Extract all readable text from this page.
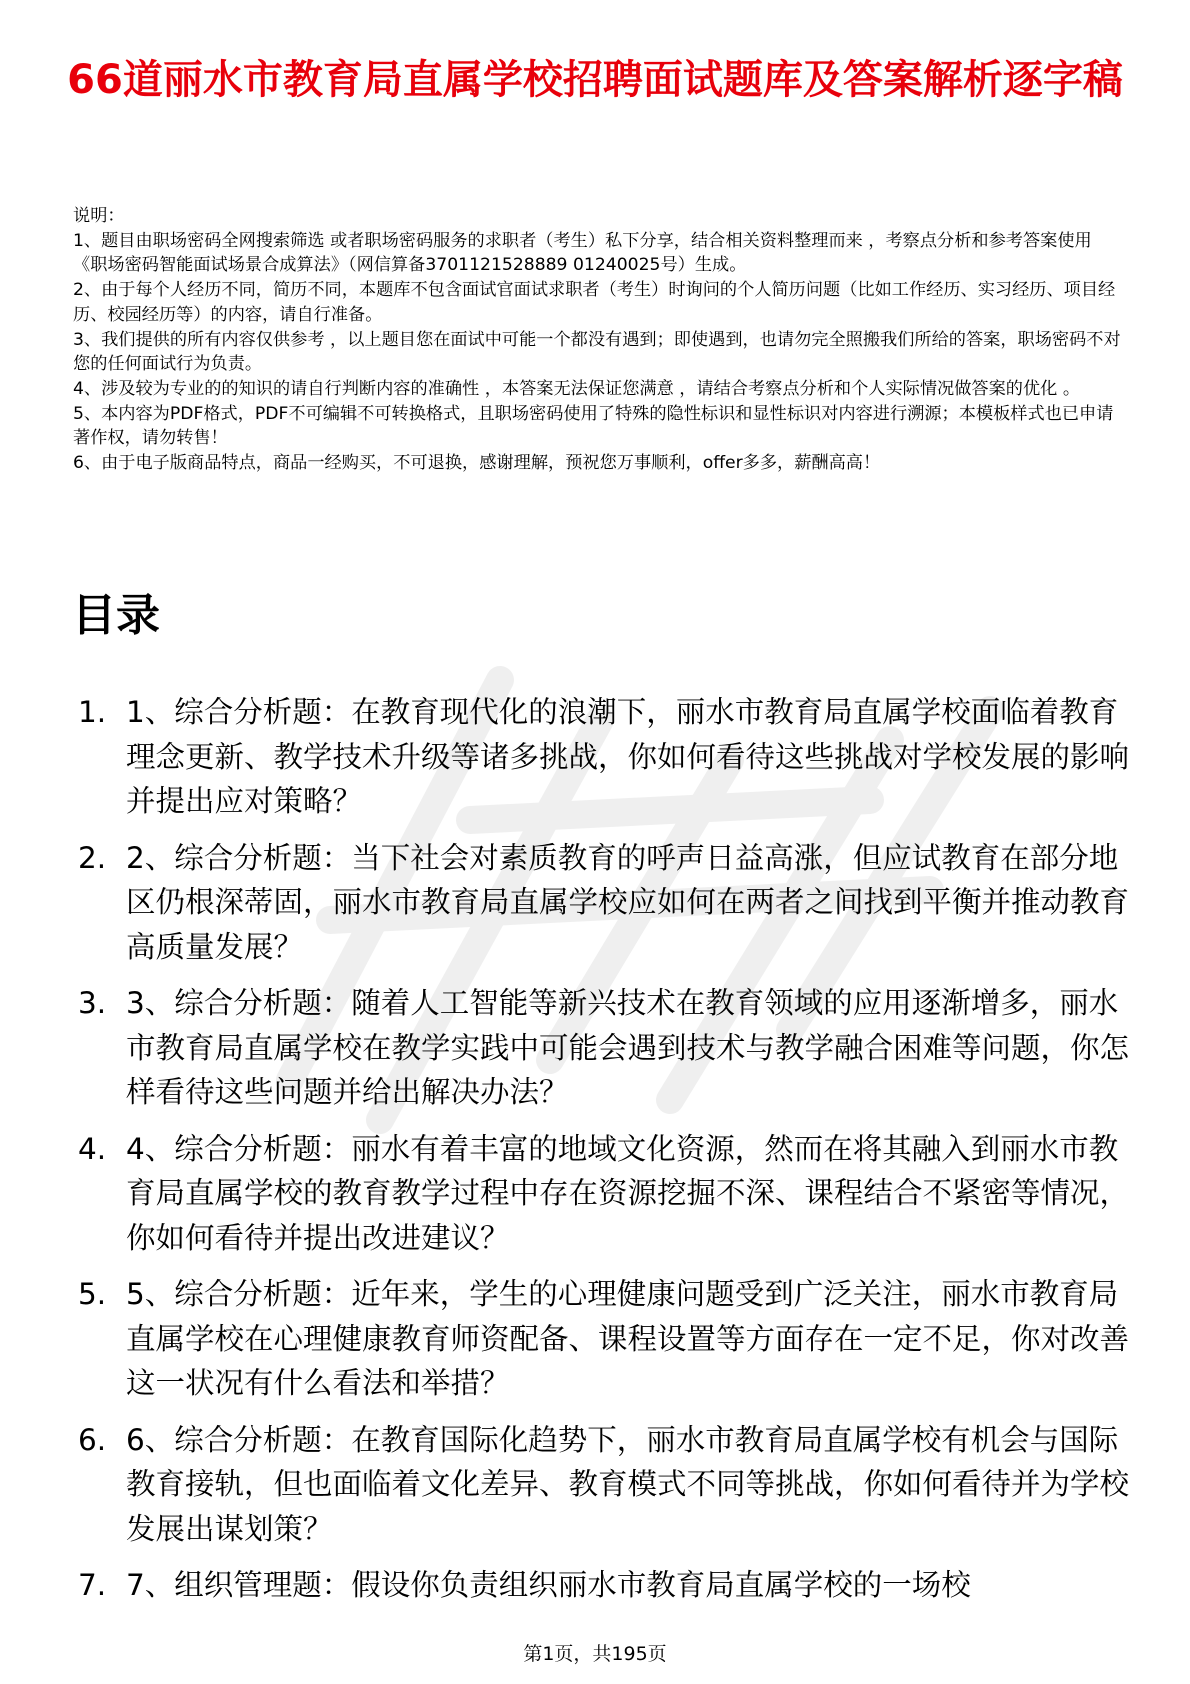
66道丽水市教育局直属学校招聘面试题库及答案解析逐字稿

说明：

1、题目由职场密码全网搜索筛选 或者职场密码服务的求职者（考生）私下分享，结合相关资料整理而来 ，考察点分析和参考答案使用《职场密码智能面试场景合成算法》（网信算备3701121528889 01240025号）生成。

2、由于每个人经历不同，简历不同，本题库不包含面试官面试求职者（考生）时询问的个人简历问题（比如工作经历、实习经历、项目经历、校园经历等）的内容，请自行准备。

3、我们提供的所有内容仅供参考 ，以上题目您在面试中可能一个都没有遇到；即使遇到，也请勿完全照搬我们所给的答案，职场密码不对您的任何面试行为负责。

4、涉及较为专业的的知识的请自行判断内容的准确性 ，本答案无法保证您满意 ，请结合考察点分析和个人实际情况做答案的优化 。

5、本内容为PDF格式，PDF不可编辑不可转换格式，且职场密码使用了特殊的隐性标识和显性标识对内容进行溯源；本模板样式也已申请著作权，请勿转售！

6、由于电子版商品特点，商品一经购买，不可退换，感谢理解，预祝您万事顺利，offer多多，薪酬高高！

目录
1. 1、综合分析题：在教育现代化的浪潮下，丽水市教育局直属学校面临着教育理念更新、教学技术升级等诸多挑战，你如何看待这些挑战对学校发展的影响并提出应对策略？
2. 2、综合分析题：当下社会对素质教育的呼声日益高涨，但应试教育在部分地区仍根深蒂固，丽水市教育局直属学校应如何在两者之间找到平衡并推动教育高质量发展？
3. 3、综合分析题：随着人工智能等新兴技术在教育领域的应用逐渐增多，丽水市教育局直属学校在教学实践中可能会遇到技术与教学融合困难等问题，你怎样看待这些问题并给出解决办法？
4. 4、综合分析题：丽水有着丰富的地域文化资源，然而在将其融入到丽水市教育局直属学校的教育教学过程中存在资源挖掘不深、课程结合不紧密等情况，你如何看待并提出改进建议？
5. 5、综合分析题：近年来，学生的心理健康问题受到广泛关注，丽水市教育局直属学校在心理健康教育师资配备、课程设置等方面存在一定不足，你对改善这一状况有什么看法和举措？
6. 6、综合分析题：在教育国际化趋势下，丽水市教育局直属学校有机会与国际教育接轨，但也面临着文化差异、教育模式不同等挑战，你如何看待并为学校发展出谋划策？
7. 7、组织管理题：假设你负责组织丽水市教育局直属学校的一场校
第1页，共195页
